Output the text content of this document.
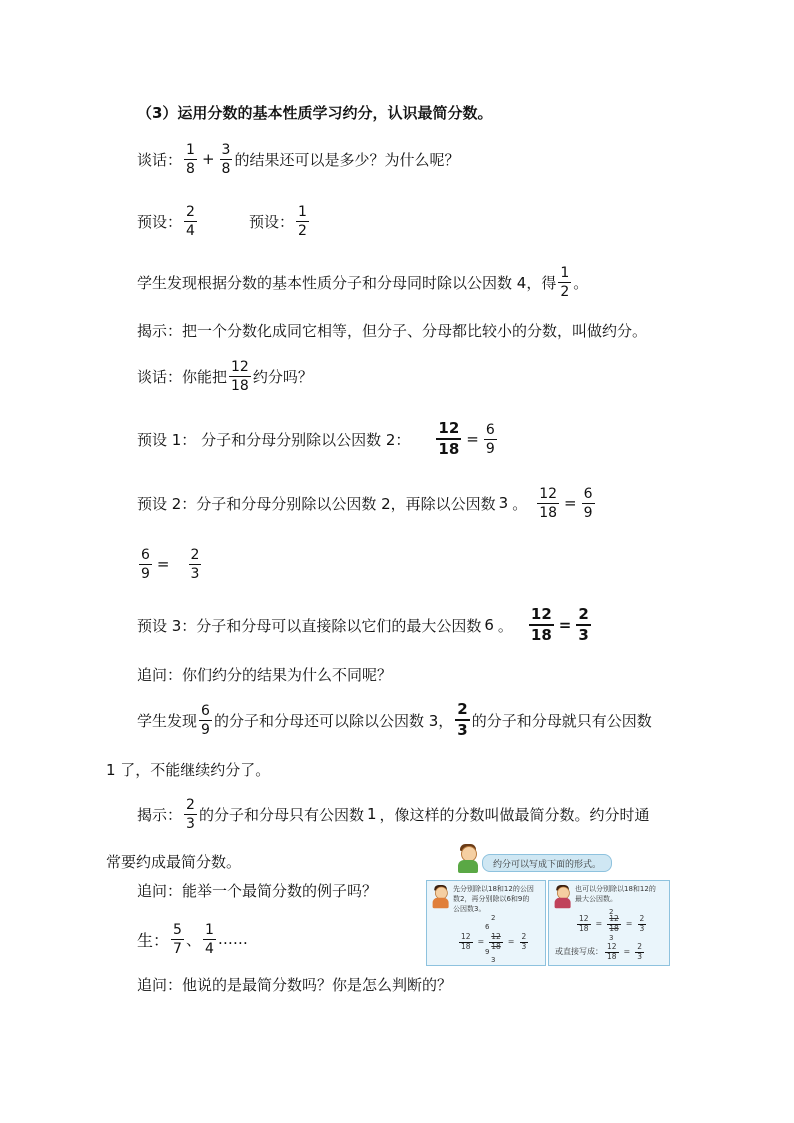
（3）运用分数的基本性质学习约分，认识最简分数。
谈话： $\frac{1}{8} + \frac{3}{8}$ 的结果还可以是多少？为什么呢？
预设： $\frac{2}{4}$	预设： $\frac{1}{2}$
学生发现根据分数的基本性质分子和分母同时除以公因数 4，得 $\frac{1}{2}$ 。
揭示：把一个分数化成同它相等，但分子、分母都比较小的分数，叫做约分。
谈话：你能把 $\frac{12}{18}$ 约分吗？
预设 1： 分子和分母分别除以公因数 2： $\frac{12}{18} = \frac{6}{9}$
预设 2：分子和分母分别除以公因数 2，再除以公因数 3 。 $\frac{12}{18} = \frac{6}{9}$
$\frac{6}{9} = \frac{2}{3}$
预设 3：分子和分母可以直接除以它们的最大公因数 6 。 $\frac{12}{18} = \frac{2}{3}$
追问：你们约分的结果为什么不同呢？
学生发现 $\frac{6}{9}$ 的分子和分母还可以除以公因数 3， $\frac{2}{3}$ 的分子和分母就只有公因数
1 了，不能继续约分了。
揭示： $\frac{2}{3}$ 的分子和分母只有公因数 1 ，像这样的分数叫做最简分数。约分时通
常要约成最简分数。
追问：能举一个最简分数的例子吗？
生： $\frac{5}{7}$ 、 $\frac{1}{4}$ ……
追问：他说的是最简分数吗？你是怎么判断的？
约分可以写成下面的形式。
先分别除以18和12的公因
数2，再分别除以6和9的
公因数3。
2
6
$\frac{12}{18} = \frac{12}{18} = \frac{2}{3}$
9
3
也可以分别除以18和12的
最大公因数。
2
$\frac{12}{18} = \frac{12}{18} = \frac{2}{3}$
3
或直接写成： $\frac{12}{18} = \frac{2}{3}$
